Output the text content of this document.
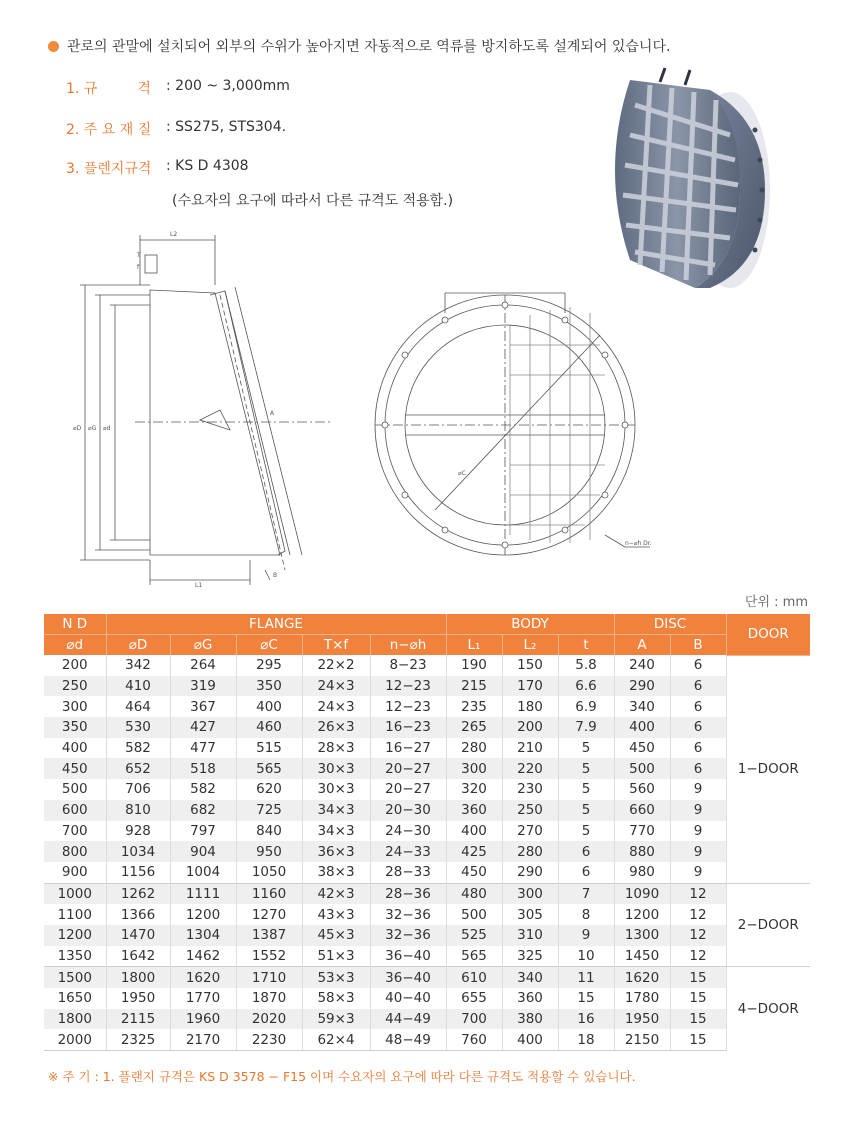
관로의 관말에 설치되어 외부의 수위가 높아지면 자동적으로 역류를 방지하도록 설계되어 있습니다.
1. 규         격	: 200 ~ 3,000mm
2. 주 요 재 질	: SS275, STS304.
3. 플렌지규격	: KS D 4308
(수요자의 요구에 따라서 다른 규격도 적용함.)
L2
T
f
A
B
L1
⌀D ⌀G ⌀d
⌀C
n−⌀h Dr.
단위 : mm
N D	FLANGE					BODY			DISC		DOOR
⌀d	⌀D	⌀G	⌀C	T×f	n−⌀h	L₁	L₂	t	A	B	
200	342	264	295	22×2	8−23	190	150	5.8	240	6	1−DOOR
250	410	319	350	24×3	12−23	215	170	6.6	290	6	
300	464	367	400	24×3	12−23	235	180	6.9	340	6	
350	530	427	460	26×3	16−23	265	200	7.9	400	6	
400	582	477	515	28×3	16−27	280	210	5	450	6	
450	652	518	565	30×3	20−27	300	220	5	500	6	
500	706	582	620	30×3	20−27	320	230	5	560	9	
600	810	682	725	34×3	20−30	360	250	5	660	9	
700	928	797	840	34×3	24−30	400	270	5	770	9	
800	1034	904	950	36×3	24−33	425	280	6	880	9	
900	1156	1004	1050	38×3	28−33	450	290	6	980	9	
1000	1262	1111	1160	42×3	28−36	480	300	7	1090	12	2−DOOR
1100	1366	1200	1270	43×3	32−36	500	305	8	1200	12	
1200	1470	1304	1387	45×3	32−36	525	310	9	1300	12	
1350	1642	1462	1552	51×3	36−40	565	325	10	1450	12	
1500	1800	1620	1710	53×3	36−40	610	340	11	1620	15	4−DOOR
1650	1950	1770	1870	58×3	40−40	655	360	15	1780	15	
1800	2115	1960	2020	59×3	44−49	700	380	16	1950	15	
2000	2325	2170	2230	62×4	48−49	760	400	18	2150	15	
※ 주 기 : 1. 플랜지 규격은 KS D 3578 − F15 이며 수요자의 요구에 따라 다른 규격도 적용할 수 있습니다.
